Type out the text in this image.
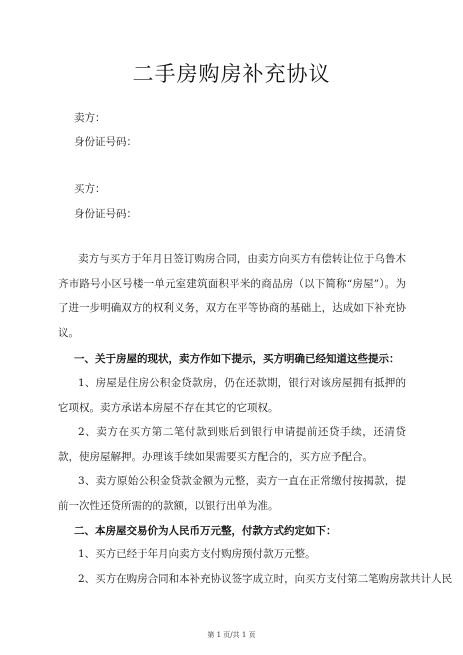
二手房购房补充协议
卖方：
身份证号码：
买方：
身份证号码：
卖方与买方于年月日签订购房合同，由卖方向买方有偿转让位于乌鲁木齐市路号小区号楼一单元室建筑面积平米的商品房（以下简称“房屋”）。为了进一步明确双方的权利义务，双方在平等协商的基础上，达成如下补充协议。
一、关于房屋的现状，卖方作如下提示，买方明确已经知道这些提示：
1、房屋是住房公积金贷款房，仍在还款期，银行对该房屋拥有抵押的它项权。卖方承诺本房屋不存在其它的它项权。
2、卖方在买方第二笔付款到账后到银行申请提前还贷手续，还清贷款，使房屋解押。办理该手续如果需要买方配合的，买方应予配合。
3、卖方原始公积金贷款金额为元整，卖方一直在正常缴付按揭款，提前一次性还贷所需的的款额，以银行出单为准。
二、本房屋交易价为人民币万元整，付款方式约定如下：
1、买方已经于年月向卖方支付购房预付款万元整。
2、买方在购房合同和本补充协议签字成立时，向买方支付第二笔购房款共计人民
第 1 页/共 1 页
